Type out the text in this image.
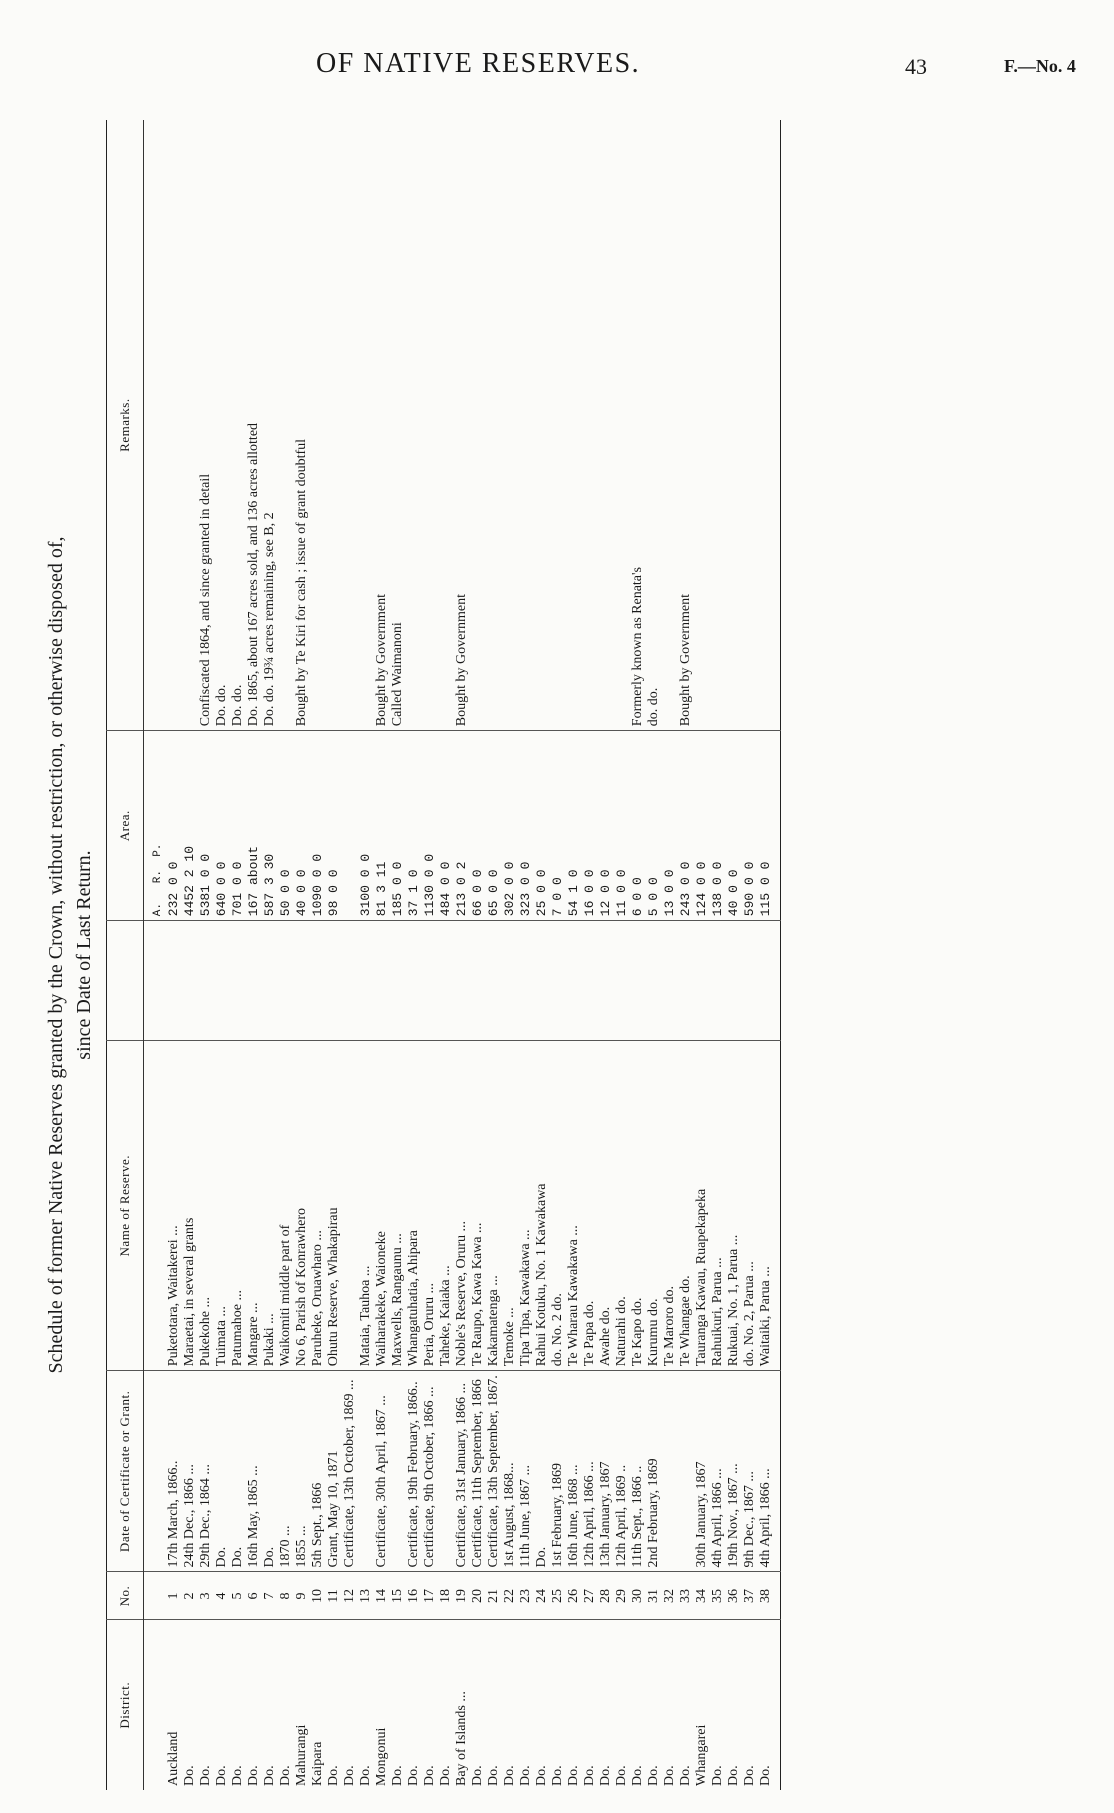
OF NATIVE RESERVES.	43	F.—No. 4
Schedule of former Native Reserves granted by the Crown, without restriction, or otherwise disposed of, since Date of Last Return.
District.	No.	Date of Certificate or Grant.	Name of Reserve.		Area.	Remarks.
					A.   R.  P.	
Auckland	1	17th March, 1866..	Puketotara, Waitakerei ...		232 0 0	
Do.	2	24th Dec., 1866 ...	Maraetai, in several grants		4452 2 10	
Do.	3	29th Dec., 1864 ...	Pukekohe ...		5381 0 0	Confiscated 1864, and since granted in detail
Do.	4	Do.	Tuimata ...		640 0 0	Do. do.
Do.	5	Do.	Patumahoe ...		701 0 0	Do. do.
Do.	6	16th May, 1865 ...	Mangare ...		167 about	Do. 1865, about 167 acres sold, and 136 acres allotted
Do.	7	Do.	Pukaki ...		587 3 30	Do. do. 19¾ acres remaining, see B, 2
Do.	8	1870 ...	Waikomiti middle part of		50 0 0	
Mahurangi	9	1855 ...	No 6, Parish of Konrawhero		40 0 0	Bought by Te Kiri for cash ; issue of grant doubtful
Kaipara	10	5th Sept., 1866	Paruheke, Oruawharo ...		1090 0 0	
Do.	11	Grant, May 10, 1871	Ohutu Reserve, Whakapirau		98 0 0	
Do.	12	Certificate, 13th October, 1869 ...				
Do.	13		Mataia, Tauhoa ...		3100 0 0	
Mongonui	14	Certificate, 30th April, 1867 ...	Waiharakeke, Waioneke		81 3 11	Bought by Government
Do.	15		Maxwells, Rangaunu ...		185 0 0	Called Waimanoni
Do.	16	Certificate, 19th February, 1866..	Whangatuhatia, Ahipara		37 1 0	
Do.	17	Certificate, 9th October, 1866 ...	Peria, Oruru ...		1130 0 0	
Do.	18		Taheke, Kaiaka ...		484 0 0	
Bay of Islands ...	19	Certificate, 31st January, 1866 ...	Noble's Reserve, Oruru ...		213 0 2	Bought by Government
Do.	20	Certificate, 11th September, 1866	Te Raupo, Kawa Kawa ...		66 0 0	
Do.	21	Certificate, 13th September, 1867.	Kakamatenga ...		65 0 0	
Do.	22	1st August, 1868...	Temoke ...		302 0 0	
Do.	23	11th June, 1867 ...	Tipa Tipa, Kawakawa ...		323 0 0	
Do.	24	Do.	Rahui Kotuku, No. 1 Kawakawa		25 0 0	
Do.	25	1st February, 1869	do. No. 2 do.		7 0 0	
Do.	26	16th June, 1868 ...	Te Wharau Kawakawa ...		54 1 0	
Do.	27	12th April, 1866 ...	Te Papa do.		16 0 0	
Do.	28	13th January, 1867	Awahe do.		12 0 0	
Do.	29	12th April, 1869 ..	Naturahi do.		11 0 0	
Do.	30	11th Sept., 1866 ..	Te Kapo do.		6 0 0	Formerly known as Renata's
Do.	31	2nd February, 1869	Kurumu do.		5 0 0	do. do.
Do.	32		Te Maroro do.		13 0 0	
Do.	33		Te Whangae do.		243 0 0	Bought by Government
Whangarei	34	30th January, 1867	Tauranga Kawau, Ruapekapeka		124 0 0	
Do.	35	4th April, 1866 ...	Rahuikuri, Parua ...		138 0 0	
Do.	36	19th Nov., 1867 ...	Rukuai, No. 1, Parua ...		40 0 0	
Do.	37	9th Dec., 1867 ...	do. No. 2, Parua ...		590 0 0	
Do.	38	4th April, 1866 ...	Waitaiki, Parua ...		115 0 0	
